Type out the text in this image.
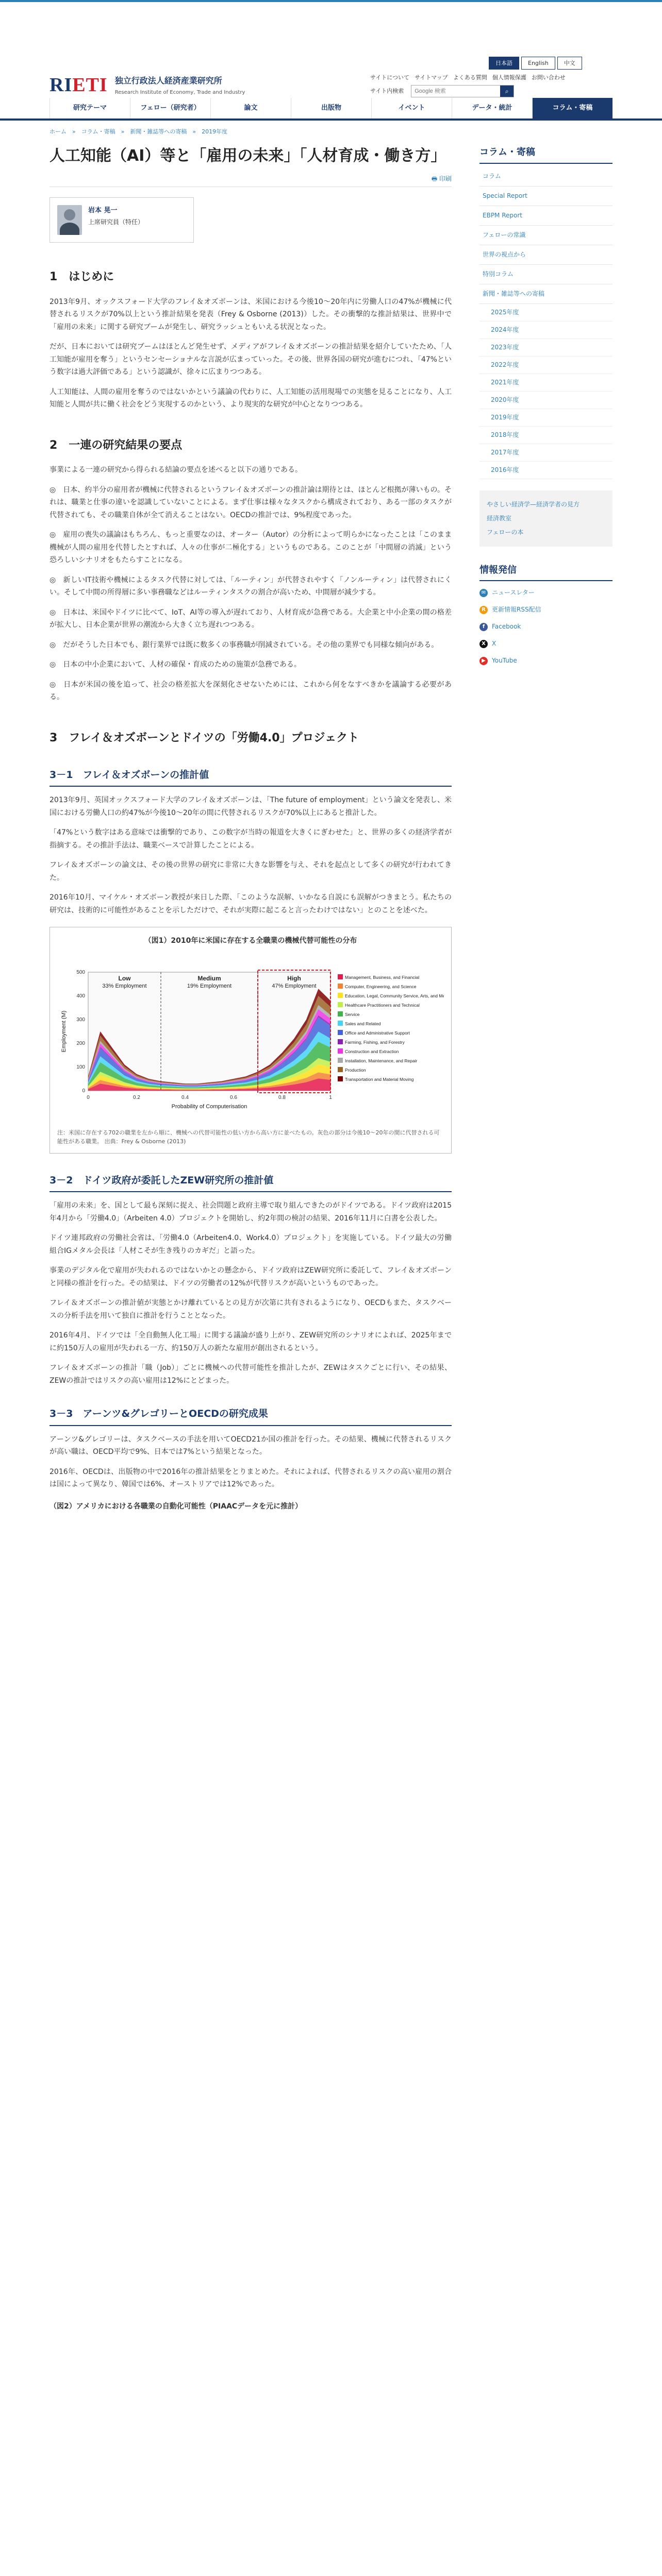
RIETI 独立行政法人経済産業研究所
Research Institute of Economy, Trade and Industry
日本語	English	中文
サイトについて サイトマップ よくある質問 個人情報保護 お問い合わせ
サイト内検索
Google 検索	⌕
研究テーマ	フェロー（研究者）	論文	出版物	イベント	データ・統計	コラム・寄稿
ホーム　»　コラム・寄稿　»　新聞・雑誌等への寄稿　»　2019年度
人工知能（AI）等と「雇用の未来」「人材育成・働き方」
🖶 印刷
岩本 晃一
上席研究員（特任）
1　はじめに

2013年9月、オックスフォード大学のフレイ＆オズボーンは、米国における今後10〜20年内に労働人口の47%が機械に代替されるリスクが70%以上という推計結果を発表（Frey & Osborne (2013)）した。その衝撃的な推計結果は、世界中で「雇用の未来」に関する研究ブームが発生し、研究ラッシュともいえる状況となった。

だが、日本においては研究ブームはほとんど発生せず、メディアがフレイ＆オズボーンの推計結果を紹介していたため、「人工知能が雇用を奪う」というセンセーショナルな言説が広まっていった。その後、世界各国の研究が進むにつれ、「47%という数字は過大評価である」という認識が、徐々に広まりつつある。

人工知能は、人間の雇用を奪うのではないかという議論の代わりに、人工知能の活用現場での実態を見ることになり、人工知能と人間が共に働く社会をどう実現するのかという、より現実的な研究が中心となりつつある。

2　一連の研究結果の要点

事業による一連の研究から得られる結論の要点を述べると以下の通りである。

◎　日本、約半分の雇用者が機械に代替されるというフレイ＆オズボーンの推計論は期待とは、ほとんど根拠が薄いもの。それは、職業と仕事の違いを認識していないことによる。まず仕事は様々なタスクから構成されており、ある一部のタスクが代替されても、その職業自体が全て消えることはない。OECDの推計では、9%程度であった。

◎　雇用の喪失の議論はもちろん、もっと重要なのは、オーター（Autor）の分析によって明らかになったことは「このまま機械が人間の雇用を代替したとすれば、人々の仕事が二極化する」というものである。このことが「中間層の消滅」という恐ろしいシナリオをもたらすことになる。

◎　新しいIT技術や機械によるタスク代替に対しては、「ルーティン」が代替されやすく「ノンルーティン」は代替されにくい。そして中間の所得層に多い事務職などはルーティンタスクの割合が高いため、中間層が減少する。

◎　日本は、米国やドイツに比べて、IoT、AI等の導入が遅れており、人材育成が急務である。大企業と中小企業の間の格差が拡大し、日本企業が世界の潮流から大きく立ち遅れつつある。

◎　だがそうした日本でも、銀行業界では既に数多くの事務職が削減されている。その他の業界でも同様な傾向がある。

◎　日本の中小企業において、人材の確保・育成のための施策が急務である。

◎　日本が米国の後を追って、社会の格差拡大を深刻化させないためには、これから何をなすべきかを議論する必要がある。

3　フレイ＆オズボーンとドイツの「労働4.0」プロジェクト
3－1　フレイ＆オズボーンの推計値

2013年9月、英国オックスフォード大学のフレイ＆オズボーンは、「The future of employment」という論文を発表し、米国における労働人口の約47%が今後10〜20年の間に代替されるリスクが70%以上にあると推計した。

「47%という数字はある意味では衝撃的であり、この数字が当時の報道を大きくにぎわせた」と、世界の多くの経済学者が指摘する。その推計手法は、職業ベースで計算したことによる。

フレイ＆オズボーンの論文は、その後の世界の研究に非常に大きな影響を与え、それを起点として多くの研究が行われてきた。

2016年10月、マイケル・オズボーン教授が来日した際、「このような誤解、いかなる自説にも誤解がつきまとう。私たちの研究は、技術的に可能性があることを示しただけで、それが実際に起こると言ったわけではない」とのことを述べた。

（図1）2010年に米国に存在する全職業の機械代替可能性の分布
Low
33% Employment
Medium
19% Employment
High
47% Employment
0	0.2	0.4	0.6	0.8	1
0
100
200
300
400
500
Probability of Computerisation
Employment (M)
Management, Business, and Financial
Computer, Engineering, and Science
Education, Legal, Community Service, Arts, and Media
Healthcare Practitioners and Technical
Service
Sales and Related
Office and Administrative Support
Farming, Fishing, and Forestry
Construction and Extraction
Installation, Maintenance, and Repair
Production
Transportation and Material Moving
注：米国に存在する702の職業を左から順に、機械への代替可能性の低い方から高い方に並べたもの。灰色の部分は今後10〜20年の間に代替される可能性がある職業。 出典：Frey & Osborne (2013)
3－2　ドイツ政府が委託したZEW研究所の推計値

「雇用の未来」を、国として最も深刻に捉え、社会問題と政府主導で取り組んできたのがドイツである。ドイツ政府は2015年4月から「労働4.0」（Arbeiten 4.0）プロジェクトを開始し、約2年間の検討の結果、2016年11月に白書を公表した。

ドイツ連邦政府の労働社会省は、「労働4.0（Arbeiten4.0、Work4.0）プロジェクト」を実施している。ドイツ最大の労働組合IGメタル会長は「人材こそが生き残りのカギだ」と語った。

事業のデジタル化で雇用が失われるのではないかとの懸念から、ドイツ政府はZEW研究所に委託して、フレイ＆オズボーンと同様の推計を行った。その結果は、ドイツの労働者の12%が代替リスクが高いというものであった。

フレイ＆オズボーンの推計値が実態とかけ離れているとの見方が次第に共有されるようになり、OECDもまた、タスクベースの分析手法を用いて独自に推計を行うこととなった。

2016年4月、ドイツでは「全自動無人化工場」に関する議論が盛り上がり、ZEW研究所のシナリオによれば、2025年までに約150万人の雇用が失われる一方、約150万人の新たな雇用が創出されるという。

フレイ＆オズボーンの推計「職（Job）」ごとに機械への代替可能性を推計したが、ZEWはタスクごとに行い、その結果、ZEWの推計ではリスクの高い雇用は12%にとどまった。

3－3　アーンツ&グレゴリーとOECDの研究成果

アーンツ&グレゴリーは、タスクベースの手法を用いてOECD21か国の推計を行った。その結果、機械に代替されるリスクが高い職は、OECD平均で9%、日本では7%という結果となった。

2016年、OECDは、出版物の中で2016年の推計結果をとりまとめた。それによれば、代替されるリスクの高い雇用の割合は国によって異なり、韓国では6%、オーストリアでは12%であった。

（図2）アメリカにおける各職業の自動化可能性（PIAACデータを元に推計）
コラム・寄稿
コラム
Special Report
EBPM Report
フェローの常識
世界の視点から
特別コラム
新聞・雑誌等への寄稿
2025年度
2024年度
2023年度
2022年度
2021年度
2020年度
2019年度
2018年度
2017年度
2016年度
やさしい経済学—経済学者の見方
経済教室
フェローの本
情報発信
✉ ニュースレター
R	更新情報RSS配信
f	Facebook
X	X
▶	YouTube
